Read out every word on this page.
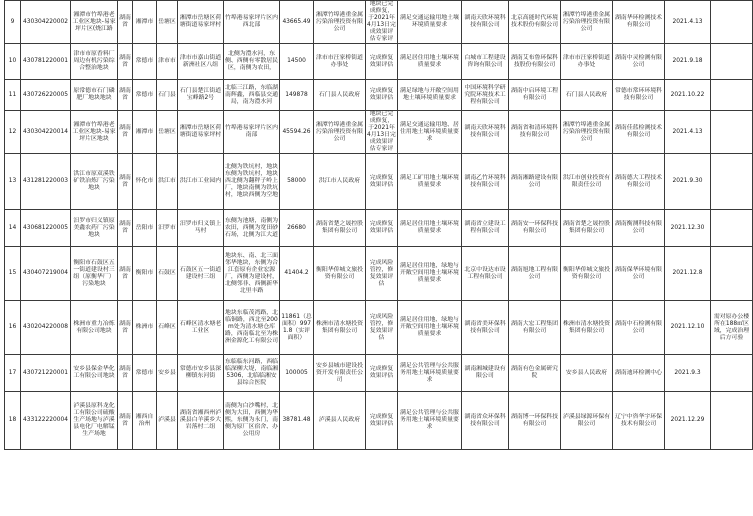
9	430304220002	湘潭市竹埠港老工业区地块-易家坪片区(烧江路	湖南省	湘潭市	岳塘区	湘潭市岳塘区荷塘街道易家坪村	竹埠港易家坪片区内西北部	43665.49	湘潭竹埠港重金属污染治理投资有限公司	地块已完成修复，于2021年4月13日完成效果评估专家评	满足交通运输用地土壤环境质量要求	湖南天欣环境科技有限公司	北京高能时代环境技术股份有限公司	湘潭竹埠港重金属污染治理投资有限公司	湖南华环检测技术有限公司	2021.4.13	
10	430781220001	津市市原香料厂周边有机污染综合整治地块	湖南省	常德市	津市市	津市市嘉山街道新洲社区八组	北侧为澧水河，东侧、西侧有零散居民区，南侧为农田，	14500	津市市汪家桥街道办事处	完成修复效果评估	满足居住用地土壤环境质量要求	白城市工程建设咨询有限公司	湖南艾布鲁环保科技股份有限公司	津市市汪家桥街道办事处	湖南中灵检测有限公司	2021.9.18	
11	430726220005	原常德市石门磷肥厂地块地块	湖南省	常德市	石门县	石门县楚江街道宝峰路2号	北临三江路，东临湖南辉鑫，西临县交通局，南为澧水河	149878	石门县人民政府	完成修复效果评估	满足绿地与开敞空间用地土壤环境质量要求	中国环境科学研究院环境技术工程有限公司	湖南中启环境工程有限公司	石门县人民政府	常德市常环环境科技有限公司	2021.10.22	
12	430304220014	湘潭市竹埠港老工业区地块-易家坪片区地块	湖南省	湘潭市	岳塘区	湘潭市岳塘区荷塘街道易家坪村	竹埠港易家坪片区内南部	45594.26	湘潭竹埠港重金属污染治理投资有限公司	地块已完成修复，于2021年4月13日完成效果评估专家评	满足交通运输用地、居住用地土壤环境质量要求	湖南天欣环境科技有限公司	湖南省和清环境科技有限公司	湘潭竹埠港重金属污染治理投资有限公司	湖南佳蓝检测技术有限公司	2021.4.13	
13	431281220003	洪江市原双溪铁矿铁冶炼厂污染地块	湖南省	怀化市	洪江市	洪江市工业园内	北侧为铁坑村，地块东侧为铁坑村，地块西北侧为翻秤子岭上厂，地块南侧为铁坑村，地块西侧为空地	58000	洪江市人民政府	完成修复效果评估	满足工矿用地土壤环境质量要求	湖南乙竹环境科技有限公司	湖南湘路建设有限公司	洪江市创业投资有限责任公司	湖南德大工程技术有限公司	2021.9.30	
14	430681220005	汨罗市归义镇原美鑫农药厂污染地块	湖南省	岳阳市	汨罗市	汨罗市归义镇上马村	东侧为池塘，南侧为农田，西侧为宽田砂石场，北侧为江大道	26680	湖南省楚之晟控股集团有限公司	完成修复效果评估	满足居住用地土壤环境质量要求	湖南省立建设工程有限公司	湖南安一环保科技有限公司	湖南省楚之晟控股集团有限公司	湖南衡测科技有限公司	2021.12.30	
15	430407219004	衡阳市石鼓区五一街道建设村三组（原衡华厂）污染地块	湖南省	衡阳市	石鼓区	石鼓区五一街道建设村三组	地块东、南、北三面邻华地块，东侧为合江套原有企业宏源厂，西侧为建设村，北侧邻非、西侧新华北里丰路	41404.2	衡阳华侨城文旅投资有限公司	完成风险管控，修复效果评估	满足居住用地、绿地与开敞空间用地土壤环境质量要求	北京中设达市设工程有限公司	湖南旭地工程有限公司	衡阳华侨城文旅投资有限公司	湖南保华环境有限公司	2021.12.8	
16	430204220008	株洲市重力冶炼有限公司地块	湖南省	株洲市	石峰区	石峰区清水塘老工业区	地块东临茂湾路，北临铜路，西北至200m处为清水塘仓库路，西南临北至为株洲金源化工有限公司	11861（总面积）9971.8（实评面积）	株洲市清水塘投资集团有限公司	完成风险管控，修复效果评估	满足居住用地、绿地与开敞空间用地土壤环境质量要求	湖南省美环保科技有限公司	湖南大宏工程集团有限公司	株洲市清水塘投资集团有限公司	湖南中石检测有限公司	2021.12.10	需对原办公楼所在188㎡区域，完成治理后方可验
17	430721220001	安乡县保金华化工有限公司地块	湖南省	常德市	安乡县	常德市安乡县深柳镇东河街	东临临东河路，西临临深柳大堤，南临湘5306，北临临湘安县综合医院	100005	安乡县城市建设投资开发有限责任公司	完成修复效果评估	满足公共管理与公共服务用地土壤环境质量要求	湖南湘城建设有限公司	湖南有色金属研究院	安乡县人民政府	湖南迪环检测中心	2021.9.3	
18	433122220004	泸溪县原科龙化工有限公司硫酸生产场地与泸溪县电化厂电解锰生产场地	湖南省	湘西自治州	泸溪县	湖南省湘西州泸溪县白羊溪乡大岩落村二组	南侧为白沙嘴村，北侧为大田，西侧为华熙，东侧为永门，南侧为原厂区宿舍、办公用房	38781.48	泸溪县人民政府	完成修复效果评估	满足公共管理与公共服务用地土壤环境质量要求	湖南省众环保科技有限公司	湖南博一环保科技有限公司	泸溪县绿源环保有限公司	辽宁中咨华宇环保技术有限公司	2021.12.29	
